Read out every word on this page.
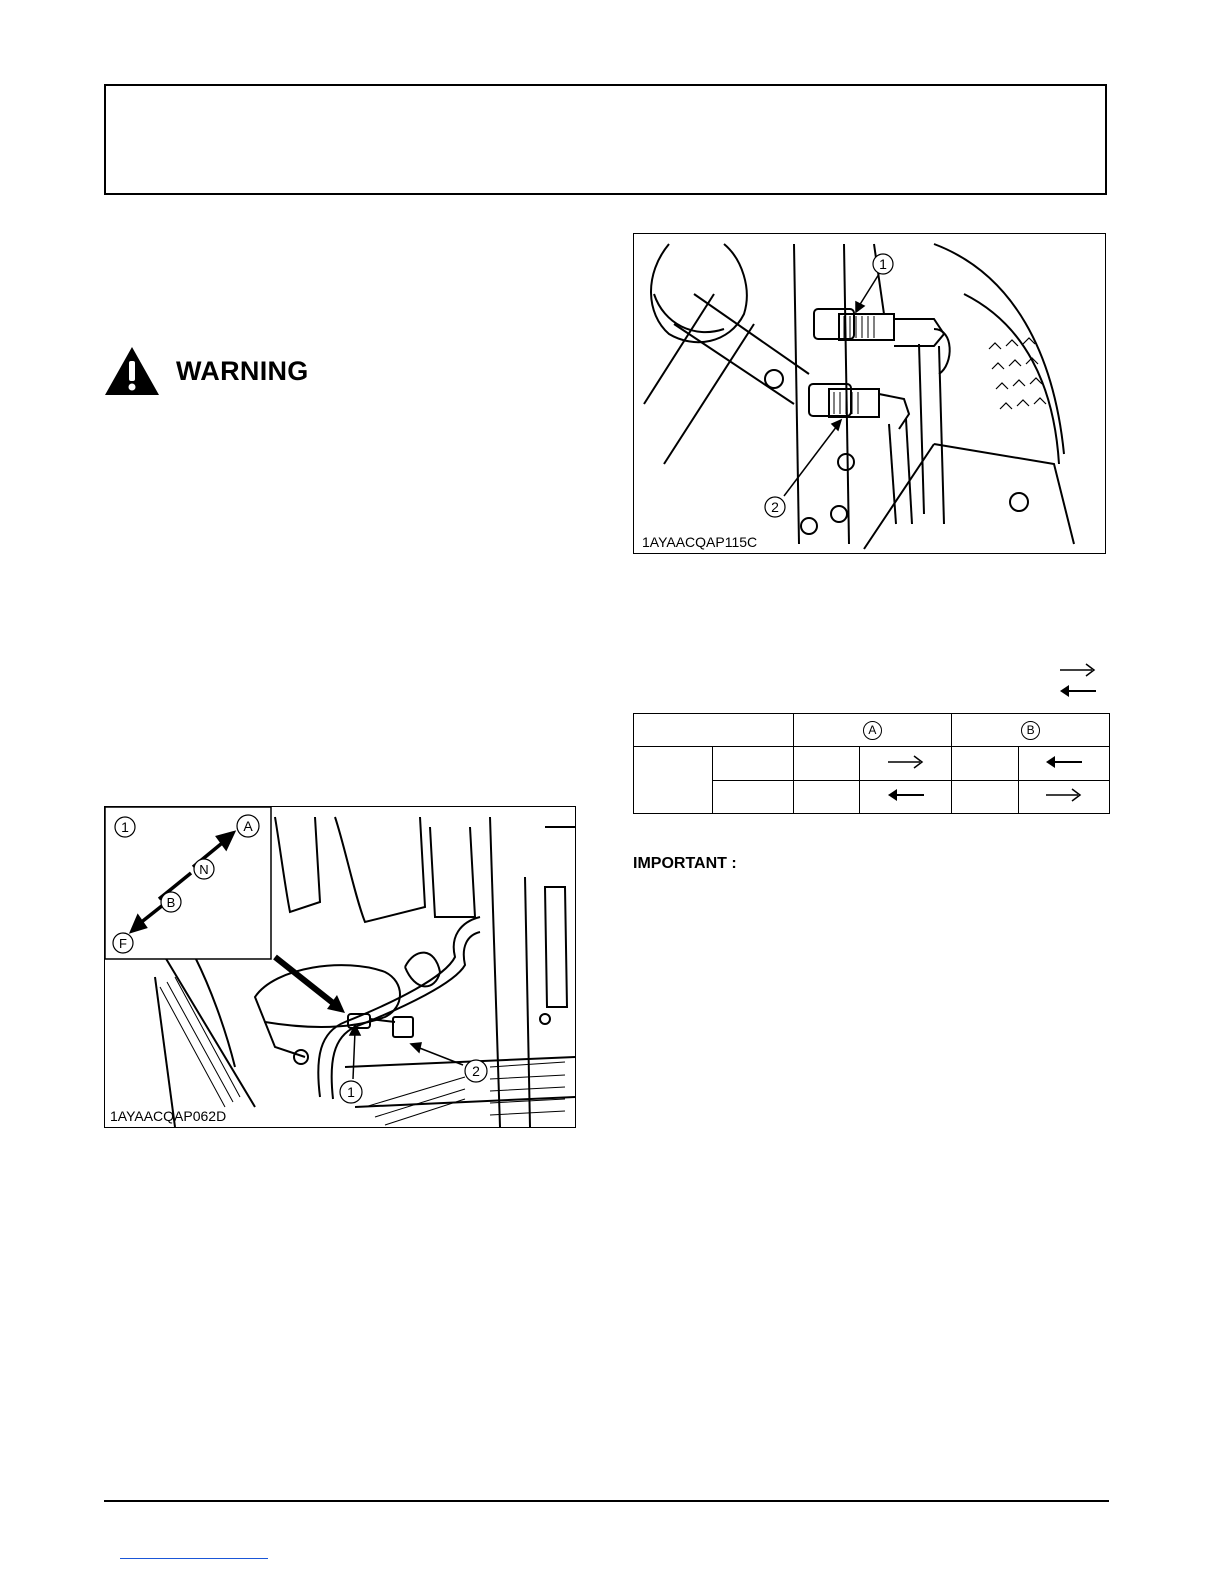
WARNING
1
2
1AYAACQAP115C
		A		B	

IMPORTANT :
1	A
N
B
F
1
2
1AYAACQAP062D
